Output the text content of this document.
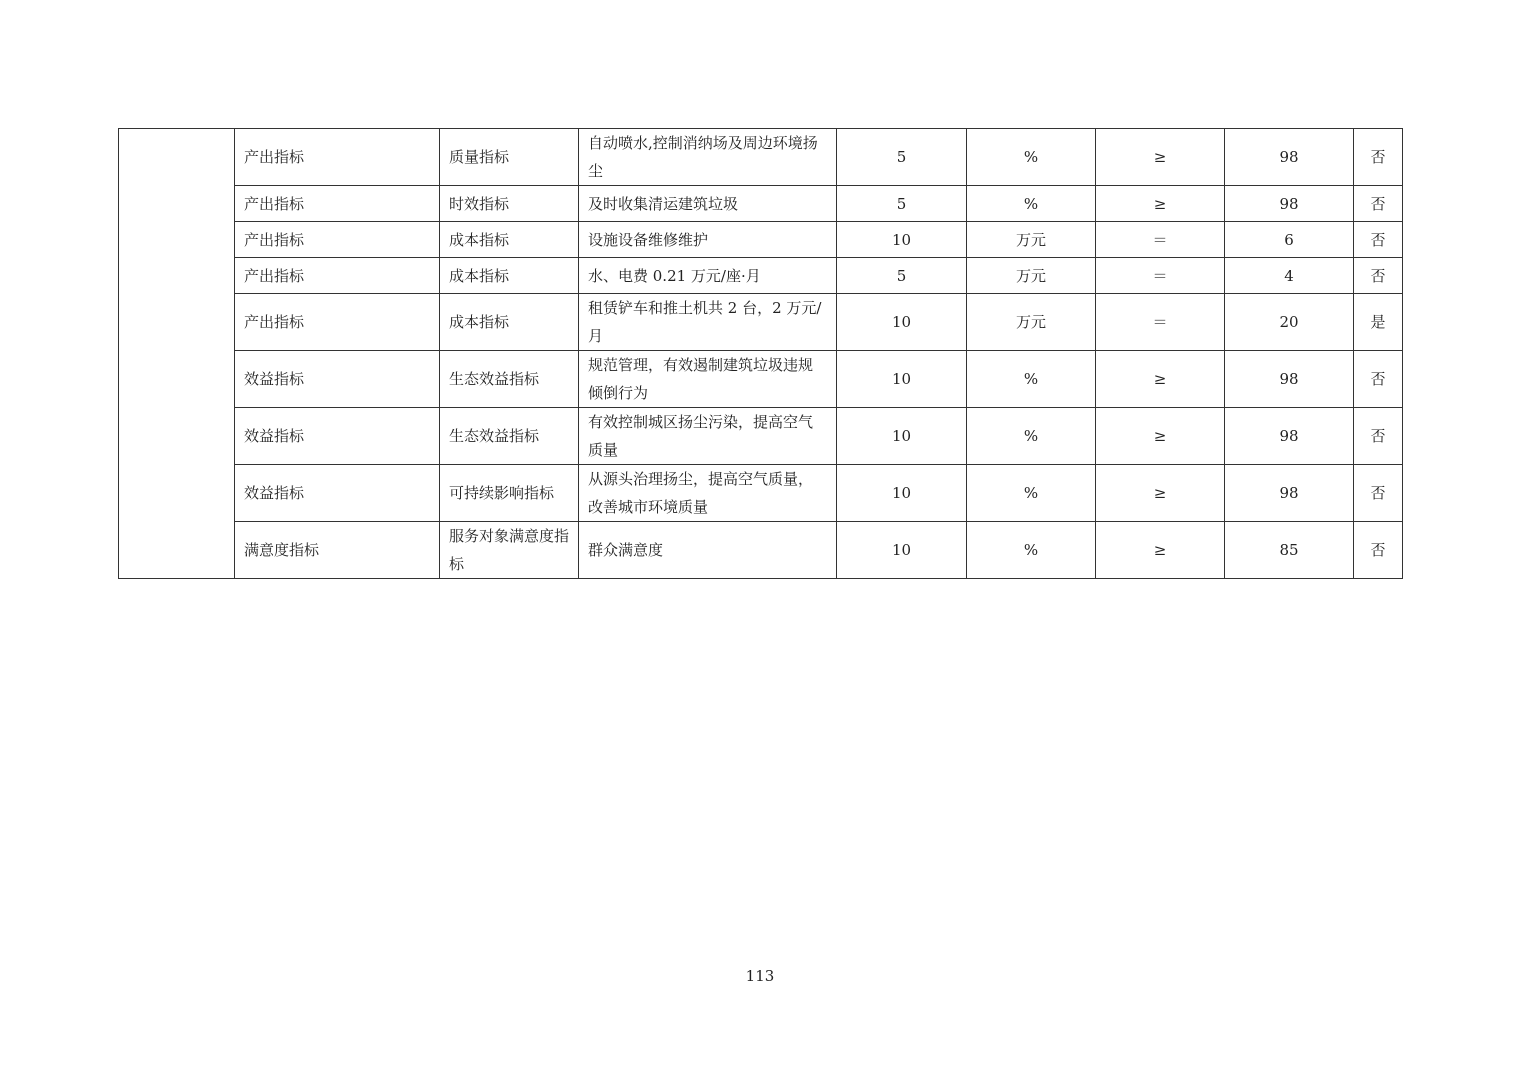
	产出指标	质量指标	自动喷水,控制消纳场及周边环境扬尘	5	%	≥	98	否
	产出指标	时效指标	及时收集清运建筑垃圾	5	%	≥	98	否
	产出指标	成本指标	设施设备维修维护	10	万元	＝	6	否
	产出指标	成本指标	水、电费 0.21 万元/座·月	5	万元	＝	4	否
	产出指标	成本指标	租赁铲车和推土机共 2 台，2 万元/月	10	万元	＝	20	是
	效益指标	生态效益指标	规范管理，有效遏制建筑垃圾违规倾倒行为	10	%	≥	98	否
	效益指标	生态效益指标	有效控制城区扬尘污染，提高空气质量	10	%	≥	98	否
	效益指标	可持续影响指标	从源头治理扬尘，提高空气质量，改善城市环境质量	10	%	≥	98	否
	满意度指标	服务对象满意度指标	群众满意度	10	%	≥	85	否
113
